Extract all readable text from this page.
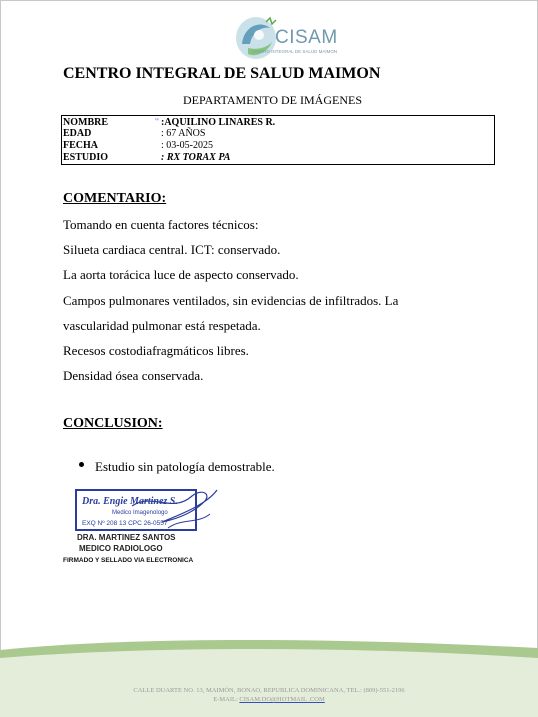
CISAM
CENTRO INTEGRAL DE SALUD MAIMON
CENTRO INTEGRAL DE SALUD MAIMON
DEPARTAMENTO DE IMÁGENES
NOMBRE	ᵥᵥ :AQUILINO LINARES R.
EDAD	: 67 AÑOS
FECHA	: 03-05-2025
ESTUDIO	: RX TORAX PA
COMENTARIO:
Tomando en cuenta factores técnicos:
Silueta cardiaca central. ICT: conservado.
La aorta torácica luce de aspecto conservado.
Campos pulmonares ventilados, sin evidencias de infiltrados. La
vascularidad pulmonar está respetada.
Recesos costodiafragmáticos libres.
Densidad ósea conservada.
CONCLUSION:
Estudio sin patología demostrable.
Dra. Engie Martinez S.
Medico Imagenologo
EXQ Nº 208 13 CPC 26-0557
DRA. MARTINEZ SANTOS
MEDICO RADIOLOGO
FIRMADO Y SELLADO VIA ELECTRONICA
CALLE DUARTE NO. 13, MAIMÓN, BONAO, REPUBLICA DOMINICANA, TEL.: (809)-551-2196
E-MAIL: CISAM.DO@HOTMAIL .COM
